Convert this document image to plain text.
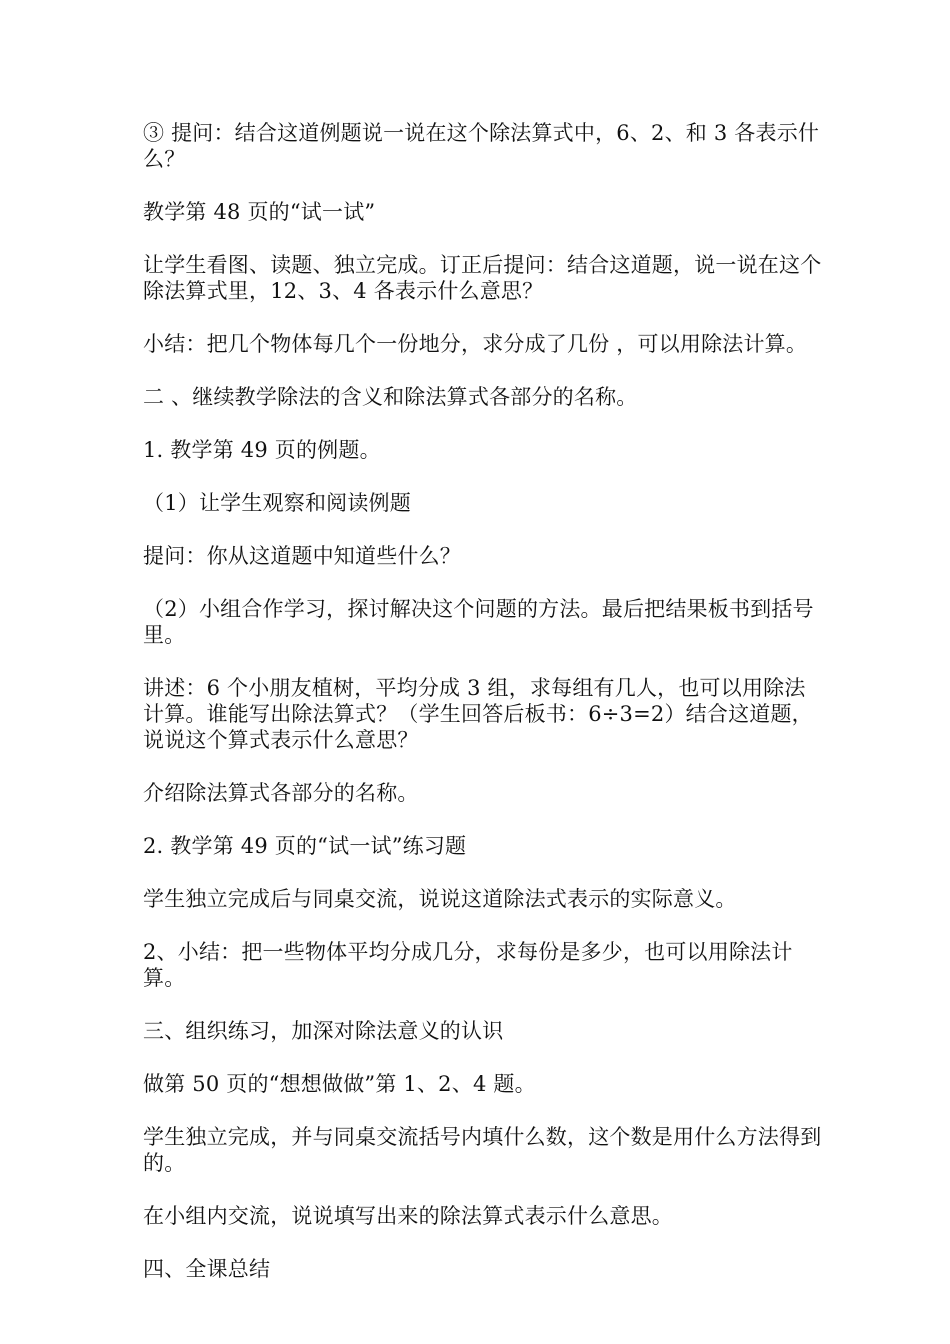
③ 提问：结合这道例题说一说在这个除法算式中，6、2、和 3 各表示什么？

教学第 48 页的“试一试”

让学生看图、读题、独立完成。订正后提问：结合这道题，说一说在这个除法算式里，12、3、4 各表示什么意思？

小结：把几个物体每几个一份地分，求分成了几份 ，可以用除法计算。

二 、继续教学除法的含义和除法算式各部分的名称。

1. 教学第 49 页的例题。

（1）让学生观察和阅读例题

提问：你从这道题中知道些什么？

（2）小组合作学习，探讨解决这个问题的方法。最后把结果板书到括号里。

讲述：6 个小朋友植树，平均分成 3 组，求每组有几人，也可以用除法计算。谁能写出除法算式？（学生回答后板书：6÷3=2）结合这道题，说说这个算式表示什么意思？

介绍除法算式各部分的名称。

2. 教学第 49 页的“试一试”练习题

学生独立完成后与同桌交流，说说这道除法式表示的实际意义。

2、小结：把一些物体平均分成几分，求每份是多少，也可以用除法计算。

三、组织练习，加深对除法意义的认识

做第 50 页的“想想做做”第 1、2、4 题。

学生独立完成，并与同桌交流括号内填什么数，这个数是用什么方法得到的。

在小组内交流，说说填写出来的除法算式表示什么意思。

四、全课总结
